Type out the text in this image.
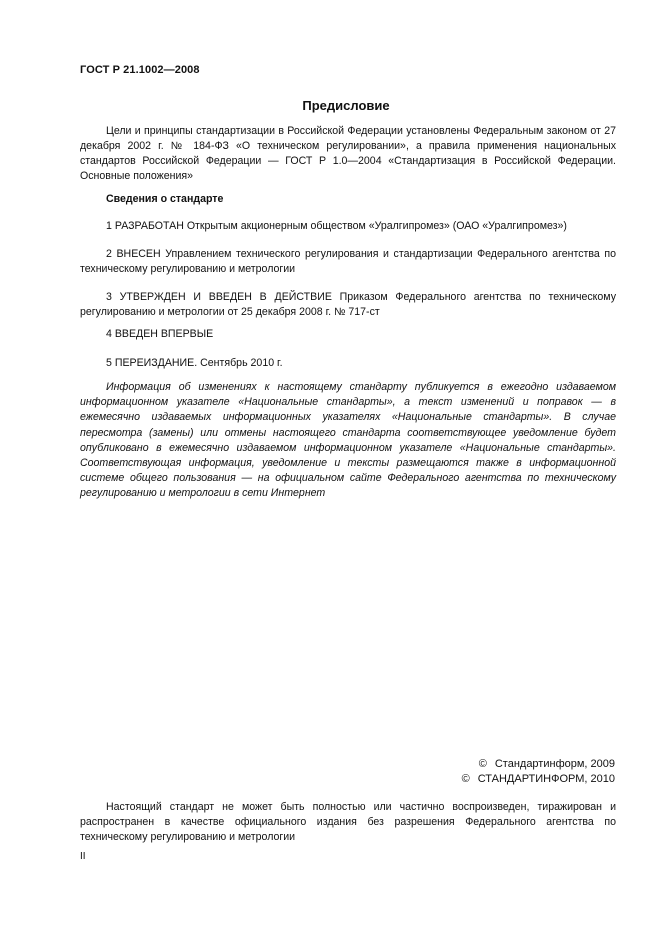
ГОСТ Р 21.1002—2008
Предисловие
Цели и принципы стандартизации в Российской Федерации установлены Федеральным законом от 27 декабря 2002 г. № 184-ФЗ «О техническом регулировании», а правила применения национальных стандартов Российской Федерации — ГОСТ Р 1.0—2004 «Стандартизация в Российской Федерации. Основные положения»
Сведения о стандарте
1 РАЗРАБОТАН Открытым акционерным обществом «Уралгипромез» (ОАО «Уралгипромез»)
2 ВНЕСЕН Управлением технического регулирования и стандартизации Федерального агентства по техническому регулированию и метрологии
3 УТВЕРЖДЕН И ВВЕДЕН В ДЕЙСТВИЕ Приказом Федерального агентства по техническому регулированию и метрологии от 25 декабря 2008 г. № 717-ст
4 ВВЕДЕН ВПЕРВЫЕ
5 ПЕРЕИЗДАНИЕ. Сентябрь 2010 г.
Информация об изменениях к настоящему стандарту публикуется в ежегодно издаваемом информационном указателе «Национальные стандарты», а текст изменений и поправок — в ежемесячно издаваемых информационных указателях «Национальные стандарты». В случае пересмотра (замены) или отмены настоящего стандарта соответствующее уведомление будет опубликовано в ежемесячно издаваемом информационном указателе «Национальные стандарты». Соответствующая информация, уведомление и тексты размещаются также в информационной системе общего пользования — на официальном сайте Федерального агентства по техническому регулированию и метрологии в сети Интернет
© Стандартинформ, 2009
© СТАНДАРТИНФОРМ, 2010
Настоящий стандарт не может быть полностью или частично воспроизведен, тиражирован и распространен в качестве официального издания без разрешения Федерального агентства по техническому регулированию и метрологии
II
